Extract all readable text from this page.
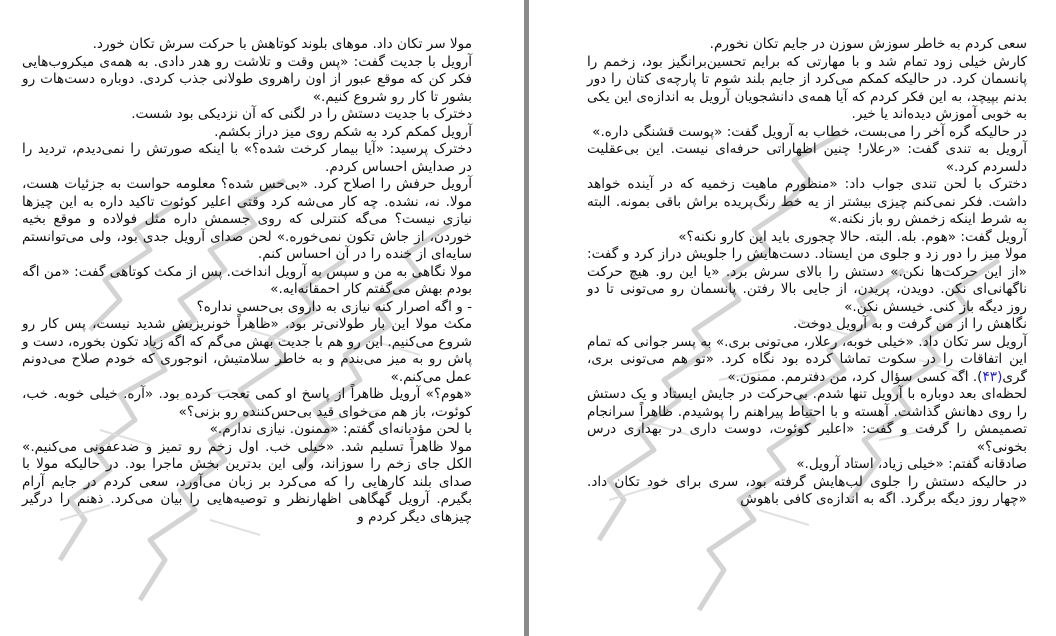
مولا سر تکان داد. موهای بلوند کوتاهش با حرکت سرش تکان خورد.

آرویل با جدیت گفت: «پس وقت و تلاشت رو هدر دادی. به همه‌ی میکروب‌هایی فکر کن که موقع عبور از اون راهروی طولانی جذب کردی. دوباره دست‌هات رو بشور تا کار رو شروع کنیم.»

دخترک با جدیت دستش را در لگنی که آن نزدیکی بود شست.

آرویل کمکم کرد به شکم روی میز دراز بکشم.

دخترک پرسید: «آیا بیمار کرخت شده؟» با اینکه صورتش را نمی‌دیدم، تردید را در صدایش احساس کردم.

آرویل حرفش را اصلاح کرد. «بی‌حس شده؟ معلومه حواست به جزئیات هست، مولا. نه، نشده. چه کار می‌شه کرد وقتی اعلیر کوئوت تاکید داره به این چیزها نیازی نیست؟ می‌گه کنترلی که روی جسمش داره مثل فولاده و موقع بخیه خوردن، از جاش تکون نمی‌خوره.» لحن صدای آرویل جدی بود، ولی می‌توانستم سایه‌ای از خنده را در آن احساس کنم.

مولا نگاهی به من و سپس به آرویل انداخت. پس از مکث کوتاهی گفت: «من اگه بودم بهش می‌گفتم کار احمقانه‌ایه.»

- و اگه اصرار کنه نیازی به داروی بی‌حسی نداره؟

مکث مولا این بار طولانی‌تر بود. «ظاهراً خونریزیش شدید نیست، پس کار رو شروع می‌کنیم. این رو هم با جدیت بهش می‌گم که اگه زیاد تکون بخوره، دست و پاش رو به میز می‌بندم و به خاطر سلامتیش، انوجوری که خودم صلاح می‌دونم عمل می‌کنم.»

«هوم؟» آرویل ظاهراً از پاسخ او کمی تعجب کرده بود. «آره. خیلی خوبه. خب، کوئوت، باز هم می‌خوای قید بی‌حس‌کننده رو بزنی؟»

با لحن مؤدبانه‌ای گفتم: «ممنون. نیازی ندارم.»

مولا ظاهراً تسلیم شد. «خیلی خب. اول زخم رو تمیز و ضدعفونی می‌کنیم.» الکل جای زخم را سوزاند، ولی این بدترین بخش ماجرا بود. در حالیکه مولا با صدای بلند کارهایی را که می‌کرد بر زبان می‌آورد، سعی کردم در جایم آرام بگیرم. آرویل گهگاهی اظهارنظر و توصیه‌هایی را بیان می‌کرد. ذهنم را درگیر چیزهای دیگر کردم و

سعی کردم به خاطر سوزش سوزن در جایم تکان نخورم.

کارش خیلی زود تمام شد و با مهارتی که برایم تحسین‌برانگیز بود، زخمم را پانسمان کرد. در حالیکه کمکم می‌کرد از جایم بلند شوم تا پارچه‌ی کتان را دور بدنم بپیچد، به این فکر کردم که آیا همه‌ی دانشجویان آرویل به اندازه‌ی این یکی به خوبی آموزش دیده‌اند یا خیر.

در حالیکه گره آخر را می‌بست، خطاب به آرویل گفت: «پوست قشنگی داره.»

آرویل به تندی گفت: «رعلار! چنین اظهاراتی حرفه‌ای نیست. این بی‌عقلیت دلسردم کرد.»

دخترک با لحن تندی جواب داد: «منظورم ماهیت زخمیه که در آینده خواهد داشت. فکر نمی‌کنم چیزی بیشتر از یه خط رنگ‌پریده براش باقی بمونه. البته به شرط اینکه زخمش رو باز نکنه.»

آرویل گفت: «هوم. بله. البته. حالا چجوری باید این کارو نکنه؟»

مولا میز را دور زد و جلوی من ایستاد. دست‌هایش را جلویش دراز کرد و گفت: «از این حرکت‌ها نکن.» دستش را بالای سرش برد. «یا این رو. هیچ حرکت ناگهانی‌ای نکن. دویدن، پریدن، از جایی بالا رفتن. پانسمان رو می‌تونی تا دو روز دیگه باز کنی. خیسش نکن.»

نگاهش را از من گرفت و به آرویل دوخت.

آرویل سر تکان داد. «خیلی خوبه، رعلار، می‌تونی بری.» به پسر جوانی که تمام این اتفاقات را در سکوت تماشا کرده بود نگاه کرد. «تو هم می‌تونی بری، گری(۴۳). اگه کسی سؤال کرد، من دفترمم. ممنون.»

لحظه‌ای بعد دوباره با آرویل تنها شدم. بی‌حرکت در جایش ایستاد و یک دستش را روی دهانش گذاشت. آهسته و با احتیاط پیراهنم را پوشیدم. ظاهراً سرانجام تصمیمش را گرفت و گفت: «اعلیر کوئوت، دوست داری در بهداری درس بخونی؟»

صادقانه گفتم: «خیلی زیاد، استاد آرویل.»

در حالیکه دستش را جلوی لب‌هایش گرفته بود، سری برای خود تکان داد. «چهار روز دیگه برگرد. اگه به اندازه‌ی کافی باهوش
